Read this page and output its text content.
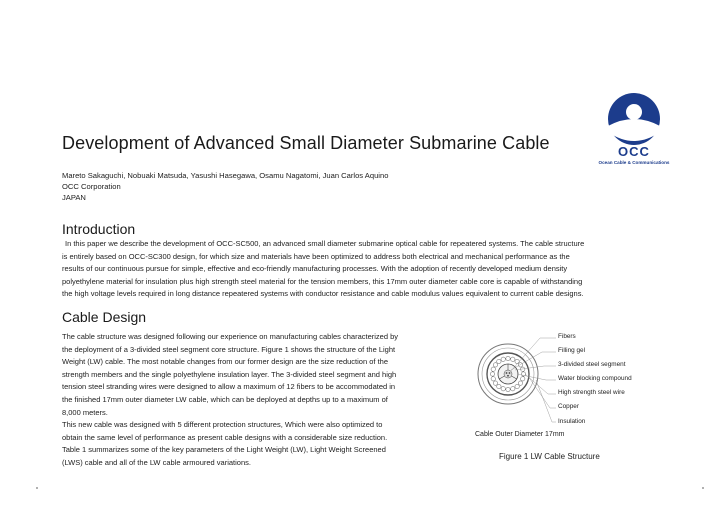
OCC
Ocean Cable & Communications
Development of Advanced Small Diameter Submarine Cable
Mareto Sakaguchi, Nobuaki Matsuda, Yasushi Hasegawa, Osamu Nagatomi, Juan Carlos Aquino
OCC Corporation
JAPAN
Introduction
In this paper we describe the development of OCC-SC500, an advanced small diameter submarine optical cable for repeatered systems. The cable structure
is entirely based on OCC-SC300 design, for which size and materials have been optimized to address both electrical and mechanical performance as the
results of our continuous pursue for simple, effective and eco-friendly manufacturing processes. With the adoption of recently developed medium density
polyethylene material for insulation plus high strength steel material for the tension members, this 17mm outer diameter cable core is capable of withstanding
the high voltage levels required in long distance repeatered systems with conductor resistance and cable modulus values equivalent to current cable designs.
Cable Design
The cable structure was designed following our experience on manufacturing cables characterized by
the deployment of a 3-divided steel segment core structure. Figure 1 shows the structure of the Light
Weight (LW) cable. The most notable changes from our former design are the size reduction of the
strength members and the single polyethylene insulation layer. The 3-divided steel segment and high
tension steel stranding wires were designed to allow a maximum of 12 fibers to be accommodated in
the finished 17mm outer diameter LW cable, which can be deployed at depths up to a maximum of
8,000 meters.
This new cable was designed with 5 different protection structures, Which were also optimized to
obtain the same level of performance as present cable designs with a considerable size reduction.
Table 1 summarizes some of the key parameters of the Light Weight (LW), Light Weight Screened
(LWS) cable and all of the LW cable armoured variations.
Fibers
Filling gel
3-divided steel segment
Water blocking compound
High strength steel wire
Copper
Insulation
Cable Outer Diameter 17mm
Figure 1 LW Cable Structure
